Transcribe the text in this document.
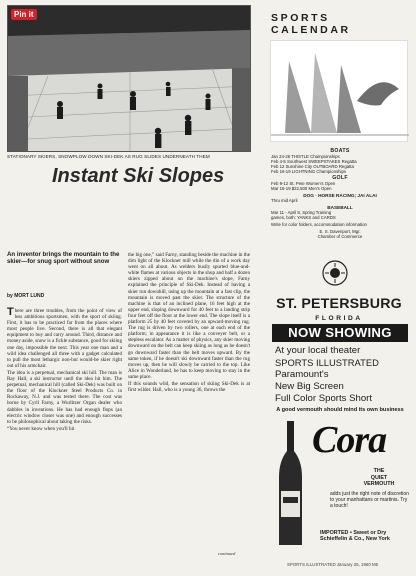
Pin it
STATIONARY SKIERS, SNOWPLOW DOWN SKI-DEK AS RUG SLIDES UNDERNEATH THEM
Instant Ski Slopes
An inventor brings the mountain to the skier—for snug sport without snow
by MORT LUND

There are three troubles, from the point of view of less ambitious sportsmen, with the sport of skiing. First, it has to be practiced far from the places where most people live. Second, there is all that elegant equipment to buy and carry around. Third, distance and money aside, snow is a fickle substance, good for skiing one day, impossible the next. This year one man and a wild idea challenged all three with a gadget calculated to pull the most lethargic non-but would-be skier right out of his armchair.

The idea is a perpetual, mechanical ski hill. The man is Ray Hall, a ski instructor until the idea hit him. The perpetual, mechanical hill (called Ski-Dek) was built on the floor of the Klockner Steel Products Co. in Rockaway, N.J. and was tested there. The cost was borne by Cyril Farny, a Wurlitzer Organ dealer who dabbles in inventions. He has had enough flops (an electric window closer was one) and enough successes to be philosophical about taking the risks.

“You never know when you'll hit

the big one,” said Farny, standing beside the machine in the dim light of the Klockner mill while the din of a work day went on all about. As welders busily spurted blue-and-white flames at various objects in the shop and half a dozen skiers zipped about on the machine's slope, Farny explained the principle of Ski-Dek. Instead of having a skier run downhill, using up the mountain at a fast clip, the mountain is moved past the skier. The structure of the machine is that of an inclined plane, 16 feet high at the upper end, sloping downward for 40 feet to a landing strip four feet off the floor at the lower end. The slope itself is a platform 25 by 40 feet covered by an upward-moving rug. The rug is driven by two rollers, one at each end of the platform; in appearance it is like a conveyer belt, or a stepless escalator. As a matter of physics, any skier moving downward on the belt can keep skiing as long as he doesn't go downward faster than the belt moves upward. By the same token, if he doesn't ski downward faster than the rug moves up, then he will slowly be carried to the top. Like Alice in Wonderland, he has to keep moving to stay in the same place.

If this sounds wild, the sensation of skiing Ski-Dek is at first wilder. Hall, who is a young 36, throws the

continued
SPORTS ILLUSTRATED January 25, 1960 M5
SPORTS CALENDAR
BOATS
Jan 24-26 THISTLE Championships
Feb 4-5 Southwest SWEEPSTAKES Regatta
Feb 12 Sunshine City OUTBOARD Regatta
Feb 16-19 LIGHTNING Championships
GOLF
Feb 9-12 St. Pete Women's Open
Mar 16-19 $22,500 Men's Open
DOG · HORSE RACING; JAI ALAI
Thru mid April
BASEBALL
Mar 11 - April 8, Spring Training
games, both: YANKS and CARDS
Write for color folders, accommodation information
E. S. Davenport, Mgr.
Chamber of Commerce
ST. PETERSBURG
FLORIDA
NOW SHOWING
At your local theater
SPORTS ILLUSTRATED
Paramount's
New Big Screen
Full Color Sports Short
A good vermouth should mind its own business
Cora
THE
QUIET
VERMOUTH
adds just the right note of discretion to your manhattans or martinis. Try a touch!
IMPORTED • Sweet or Dry
Schieffelin & Co., New York
